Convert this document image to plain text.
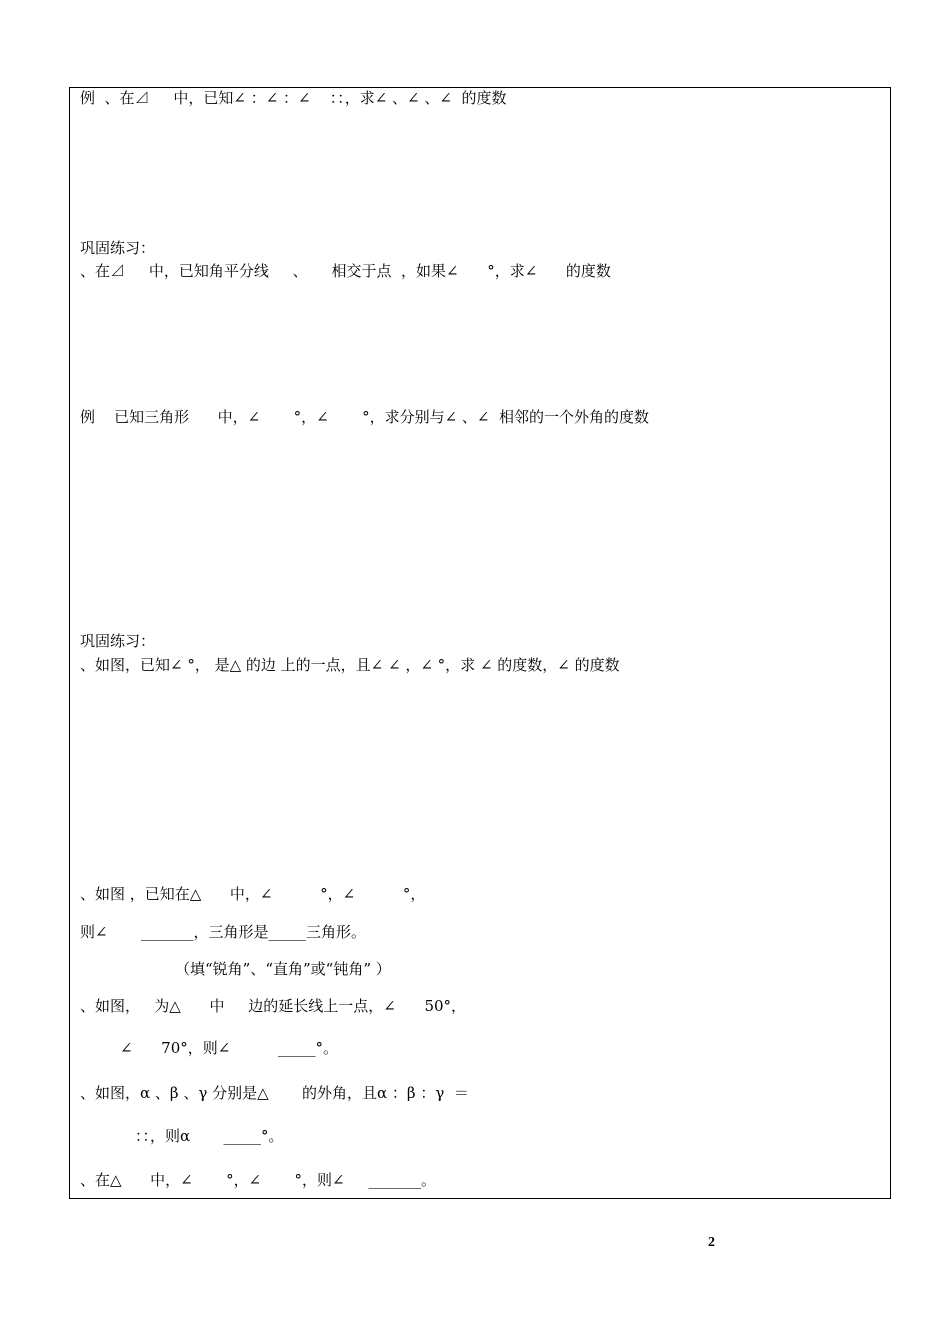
例  、在⊿     中，已知∠ ：∠ ：∠    ：：，求∠ 、∠ 、∠  的度数

巩固练习：

、在⊿     中，已知角平分线     、     相交于点  ，如果∠      °，求∠      的度数

例    已知三角形      中，∠       °，∠       °，求分别与∠ 、∠  相邻的一个外角的度数

巩固练习：

、如图，已知∠ °， 是△ 的边 上的一点，且∠ ∠ ，∠ °，求 ∠ 的度数，∠ 的度数

、如图 ，已知在△      中，∠          °，∠          °，

则∠       _______，三角形是_____三角形。

（填“锐角”、“直角”或“钝角” ）

、如图，   为△      中     边的延长线上一点，∠      50°，

∠      70°，则∠          _____°。

、如图，α 、β 、γ 分别是△       的外角，且α ：β ：γ  ＝

：：，则α       _____°。

、在△      中，∠       °，∠       °，则∠     _______。

2
